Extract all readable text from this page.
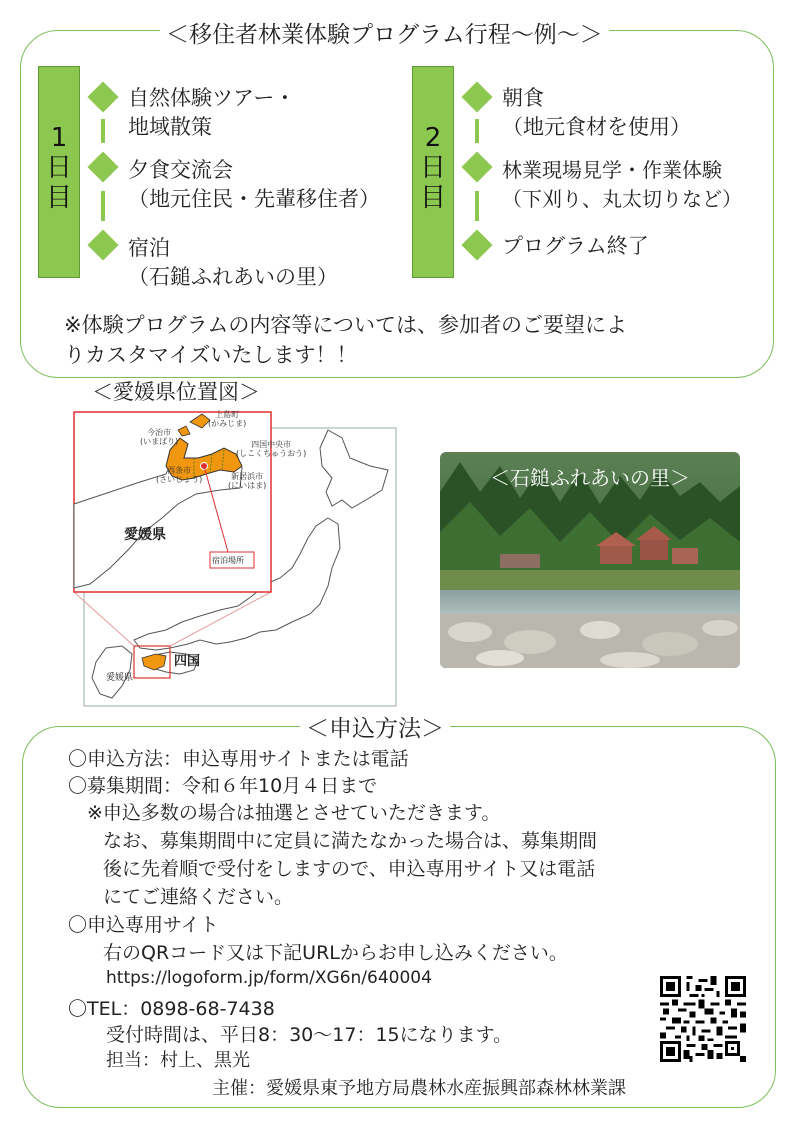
＜移住者林業体験プログラム行程～例～＞
1
日
目
自然体験ツアー・
地域散策
夕食交流会
（地元住民・先輩移住者）
宿泊
（石鎚ふれあいの里）
2
日
目
朝食
（地元食材を使用）
林業現場見学・作業体験
（下刈り、丸太切りなど）
プログラム終了
※体験プログラムの内容等については、参加者のご要望によ
りカスタマイズいたします！！
＜愛媛県位置図＞
上島町
(かみじま)
今治市
(いまばり)	四国中央市
(しこくちゅうおう)
西条市
(さいじょう)	新居浜市
(にいはま)
愛媛県
宿泊場所
四国
愛媛県
＜石鎚ふれあいの里＞
＜申込方法＞
〇申込方法：申込専用サイトまたは電話
〇募集期間：令和６年10月４日まで
　※申込多数の場合は抽選とさせていただきます。
　なお、募集期間中に定員に満たなかった場合は、募集期間
　後に先着順で受付をしますので、申込専用サイト又は電話
　にてご連絡ください。
〇申込専用サイト
　右のQRコード又は下記URLからお申し込みください。
https://logoform.jp/form/XG6n/640004
〇TEL：0898-68-7438
受付時間は、平日8：30～17：15になります。
担当：村上、黒光
主催：愛媛県東予地方局農林水産振興部森林林業課
